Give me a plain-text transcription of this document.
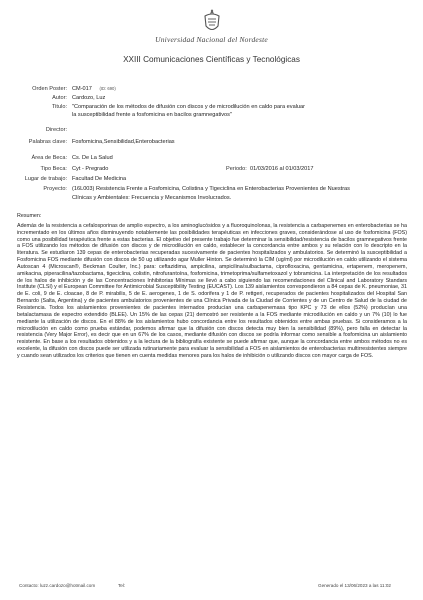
Universidad Nacional del Nordeste
XXIII Comunicaciones Científicas y Tecnológicas
Orden Poster: CM-017 (ID: 690)
Autor: Cardozo, Luz
Titulo: "Comparación de los métodos de difusión con discos y de microdilución en caldo para evaluar
la susceptibilidad frente a fosfomicina en bacilos gramnegativos"
Director:
Palabras clave: Fosfomicina,Sensibilidad,Enterobacterias
Área de Beca: Cs. De La Salud
Tipo Beca: Cyt - Pregrado	Periodo: 01/03/2016 al 01/03/2017
Lugar de trabajo: Facultad De Medicina
Proyecto: (16L003) Resistencia Frente a Fosfomicina, Colistina y Tigeciclina en Enterobacterias Provenientes de Nuestras
Clínicas y Ambientales: Frecuencia y Mecanismos Involucrados.

Resumen:

Además de la resistencia a cefalosporinas de amplio espectro, a los aminoglucósidos y a fluoroquinolonas, la resistencia a carbapenemes en enterobacterias se ha incrementado en los últimos años disminuyendo notablemente las posibilidades terapéuticas en infecciones graves, considerándose al uso de fosfomicina (FOS) como una posibilidad terapéutica frente a estas bacterias. El objetivo del presente trabajo fue determinar la sensibilidad/resistencia de bacilos gramnegativos frente a FOS utilizando los métodos de difusión con discos y de microdilución en caldo, establecer la concordancia entre ambos y su relación con lo descripto en la literatura. Se estudiaron 139 cepas de enterobacterias recuperadas sucesivamente de pacientes hospitalizados y ambulatorios. Se determinó la susceptibilidad a Fosfomicina FOS mediante difusión con discos de 50 ug utilizando agar Muller Hinton. Se determinó la CIM (ug/ml) por microdilución en caldo utilizando el sistema Autoscan 4 (Microscan®, Beckman Coulter, Inc.) para: ceftazidima, ampicilina, ampicilina/sulbactama, ciprofloxacina, gentamicina, ertapenem, meropenem, amikacina, piperacilina/tazobactama, tigeciclina, colistin, nitrofurantoína, fosfomicina, trimetoprima/sulfametoxazol y tobramicina. La interpretación de los resultados de los halos de inhibición y de las Concentraciones Inhibitorias Mínimas se llevó a cabo siguiendo las recomendaciones del Clinical and Laboratory Standars Institute (CLSI) y el European Committee for Antimicrobial Susceptibility Testing (EUCAST). Los 139 aislamientos correspondieron a 84 cepas de K. pneumoniae, 31 de E. coli, 9 de E. cloacae, 8 de P. mirabilis, 5 de E. aerogenes, 1 de S. odorifera y 1 de P. rettgeri, recuperados de pacientes hospitalizados del Hospital San Bernardo (Salta, Argentina) y de pacientes ambulatorios provenientes de una Clínica Privada de la Ciudad de Corrientes y de un Centro de Salud de la ciudad de Resistencia. Todos los aislamientos provenientes de pacientes internados producían una carbapenemasa tipo KPC y 73 de ellos (52%) producían una betalactamasa de espectro extendido (BLEE). Un 15% de las cepas (21) demostró ser resistente a la FOS mediante microdilución en caldo y un 7% (10) lo fue mediante la utilización de discos. En el 88% de los aislamientos hubo concordancia entre los resultados obtenidos entre ambas pruebas. Si consideramos a la microdilución en caldo como prueba estándar, podemos afirmar que la difusión con discos detecta muy bien la sensibilidad (89%), pero falla en detectar la resistencia (Very Major Error), es decir que en un 67% de los casos, mediante difusión con discos se podría informar como sensible a fosfomicina un aislamiento resistente. En base a los resultados obtenidos y a la lectura de la bibliografía existente se puede afirmar que, aunque la concordancia entre ambos métodos no es excelente, la difusión con discos puede ser utilizada rutinariamente para evaluar la sensibilidad a FOS en aislamientos de enterobacterias multirresistentes siempre y cuando sean utilizados los criterios que tienen en cuenta medidas menores para los halos de inhibición o utilizando discos con mayor carga de FOS.

Contacto: luzz.cardozo@hotmail.com	Tel:	Generado el 13/06/2023 a las 11:02
